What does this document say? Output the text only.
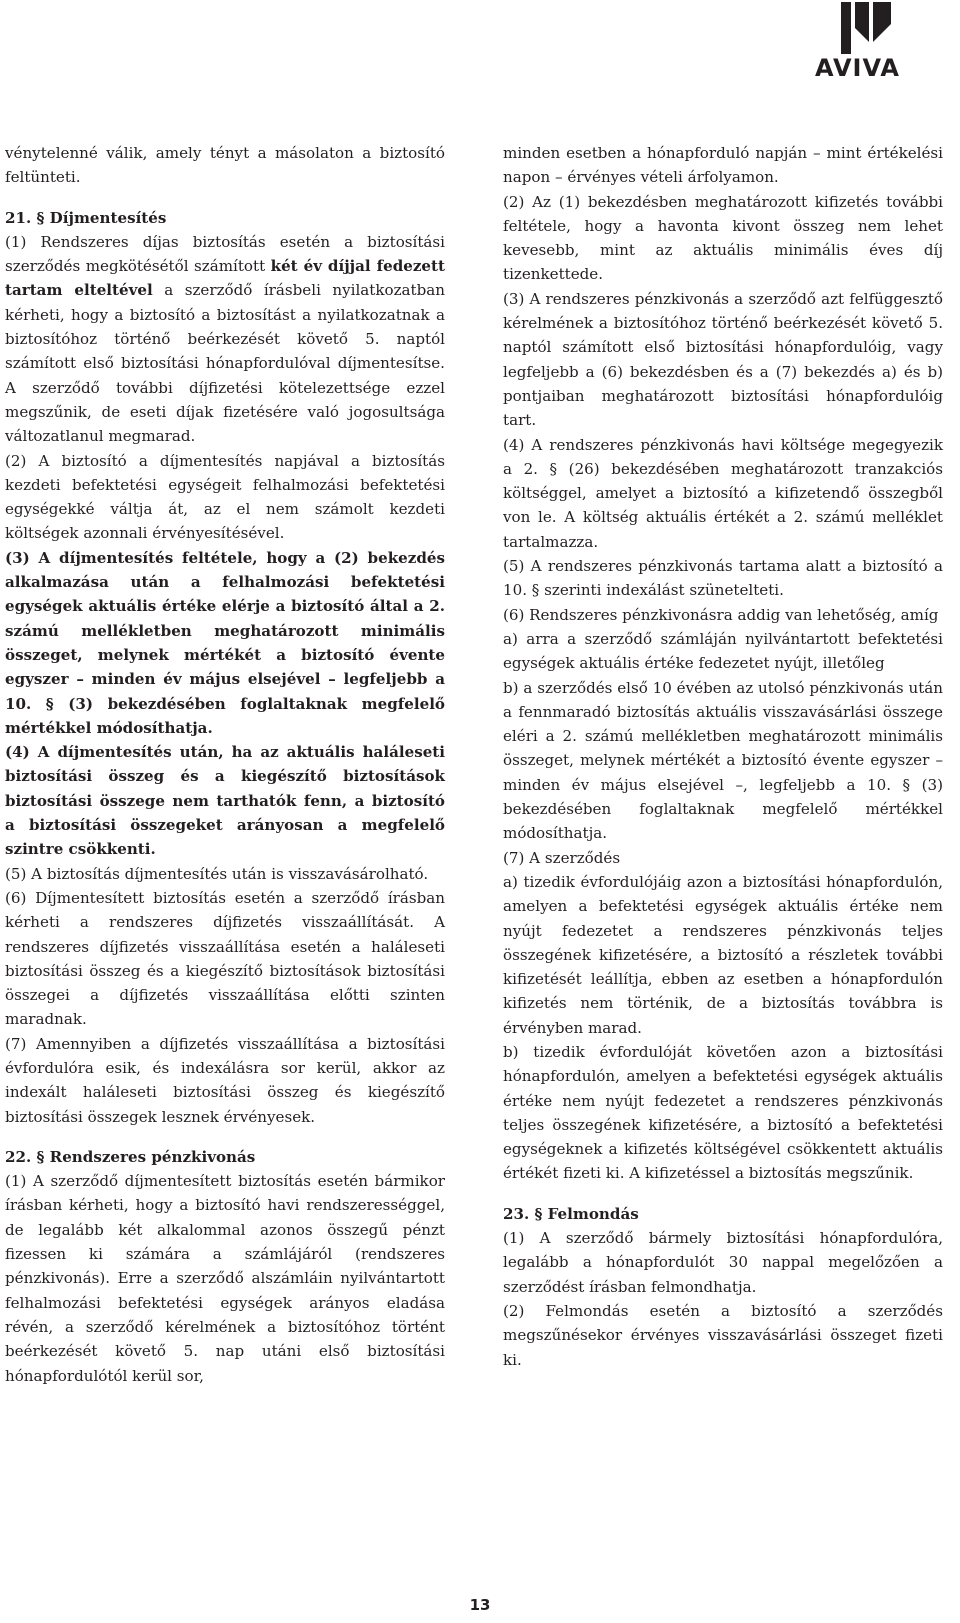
AVIVA

vénytelenné válik, amely tényt a másolaton a biztosító feltünteti.

21. § Díjmentesítés

(1) Rendszeres díjas biztosítás esetén a biztosítási szerződés megkötésétől számított két év díjjal fedezett tartam elteltével a szerződő írásbeli nyilatkozatban kérheti, hogy a biztosító a biztosítást a nyilatkozatnak a biztosítóhoz történő beérkezését követő 5. naptól számított első biztosítási hónapfordulóval díjmentesítse. A szerződő további díjfizetési kötelezettsége ezzel megszűnik, de eseti díjak fizetésére való jogosultsága változatlanul megmarad.

(2) A biztosító a díjmentesítés napjával a biztosítás kezdeti befektetési egységeit felhalmozási befektetési egységekké váltja át, az el nem számolt kezdeti költségek azonnali érvényesítésével.

(3) A díjmentesítés feltétele, hogy a (2) bekezdés alkalmazása után a felhalmozási befektetési egységek aktuális értéke elérje a biztosító által a 2. számú mellékletben meghatározott minimális összeget, melynek mértékét a biztosító évente egyszer – minden év május elsejével – legfeljebb a 10. § (3) bekezdésében foglaltaknak megfelelő mértékkel módosíthatja.

(4) A díjmentesítés után, ha az aktuális haláleseti biztosítási összeg és a kiegészítő biztosítások biztosítási összege nem tarthatók fenn, a biztosító a biztosítási összegeket arányosan a megfelelő szintre csökkenti.

(5) A biztosítás díjmentesítés után is visszavásárolható.

(6) Díjmentesített biztosítás esetén a szerződő írásban kérheti a rendszeres díjfizetés visszaállítását. A rendszeres díjfizetés visszaállítása esetén a haláleseti biztosítási összeg és a kiegészítő biztosítások biztosítási összegei a díjfizetés visszaállítása előtti szinten maradnak.

(7) Amennyiben a díjfizetés visszaállítása a biztosítási évfordulóra esik, és indexálásra sor kerül, akkor az indexált haláleseti biztosítási összeg és kiegészítő biztosítási összegek lesznek érvényesek.

22. § Rendszeres pénzkivonás

(1) A szerződő díjmentesített biztosítás esetén bármikor írásban kérheti, hogy a biztosító havi rendszerességgel, de legalább két alkalommal azonos összegű pénzt fizessen ki számára a számlájáról (rendszeres pénzkivonás). Erre a szerződő alszámláin nyilvántartott felhalmozási befektetési egységek arányos eladása révén, a szerződő kérelmének a biztosítóhoz történt beérkezését követő 5. nap utáni első biztosítási hónapfordulótól kerül sor,

minden esetben a hónapforduló napján – mint értékelési napon – érvényes vételi árfolyamon.

(2) Az (1) bekezdésben meghatározott kifizetés további feltétele, hogy a havonta kivont összeg nem lehet kevesebb, mint az aktuális minimális éves díj tizenkettede.

(3) A rendszeres pénzkivonás a szerződő azt felfüggesztő kérelmének a biztosítóhoz történő beérkezését követő 5. naptól számított első biztosítási hónapfordulóig, vagy legfeljebb a (6) bekezdésben és a (7) bekezdés a) és b) pontjaiban meghatározott biztosítási hónapfordulóig tart.

(4) A rendszeres pénzkivonás havi költsége megegyezik a 2. § (26) bekezdésében meghatározott tranzakciós költséggel, amelyet a biztosító a kifizetendő összegből von le. A költség aktuális értékét a 2. számú melléklet tartalmazza.

(5) A rendszeres pénzkivonás tartama alatt a biztosító a 10. § szerinti indexálást szünetelteti.

(6) Rendszeres pénzkivonásra addig van lehetőség, amíg

a) arra a szerződő számláján nyilvántartott befektetési egységek aktuális értéke fedezetet nyújt, illetőleg

b) a szerződés első 10 évében az utolsó pénzkivonás után a fennmaradó biztosítás aktuális visszavásárlási összege eléri a 2. számú mellékletben meghatározott minimális összeget, melynek mértékét a biztosító évente egyszer – minden év május elsejével –, legfeljebb a 10. § (3) bekezdésében foglaltaknak megfelelő mértékkel módosíthatja.

(7) A szerződés

a) tizedik évfordulójáig azon a biztosítási hónapfordulón, amelyen a befektetési egységek aktuális értéke nem nyújt fedezetet a rendszeres pénzkivonás teljes összegének kifizetésére, a biztosító a részletek további kifizetését leállítja, ebben az esetben a hónapfordulón kifizetés nem történik, de a biztosítás továbbra is érvényben marad.

b) tizedik évfordulóját követően azon a biztosítási hónapfordulón, amelyen a befektetési egységek aktuális értéke nem nyújt fedezetet a rendszeres pénzkivonás teljes összegének kifizetésére, a biztosító a befektetési egységeknek a kifizetés költségével csökkentett aktuális értékét fizeti ki. A kifizetéssel a biztosítás megszűnik.

23. § Felmondás

(1) A szerződő bármely biztosítási hónapfordulóra, legalább a hónapfordulót 30 nappal megelőzően a szerződést írásban felmondhatja.

(2) Felmondás esetén a biztosító a szerződés megszűnésekor érvényes visszavásárlási összeget fizeti ki.

13
